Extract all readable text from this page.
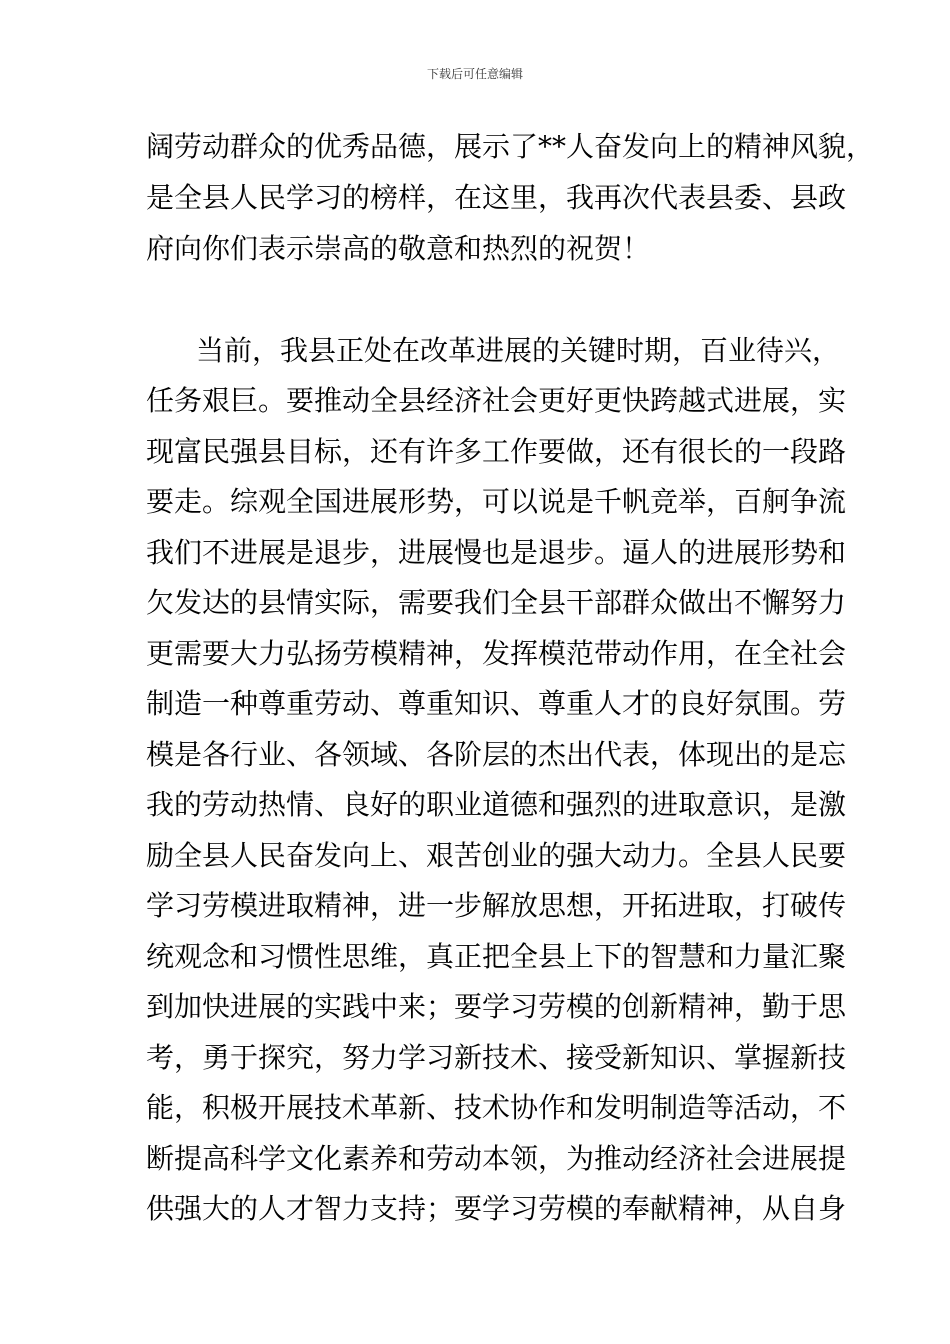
下载后可任意编辑
阔劳动群众的优秀品德，展示了**人奋发向上的精神风貌，
是全县人民学习的榜样，在这里，我再次代表县委、县政
府向你们表示崇高的敬意和热烈的祝贺！
当前，我县正处在改革进展的关键时期，百业待兴，
任务艰巨。要推动全县经济社会更好更快跨越式进展，实
现富民强县目标，还有许多工作要做，还有很长的一段路
要走。综观全国进展形势，可以说是千帆竞举，百舸争流
我们不进展是退步，进展慢也是退步。逼人的进展形势和
欠发达的县情实际，需要我们全县干部群众做出不懈努力
更需要大力弘扬劳模精神，发挥模范带动作用，在全社会
制造一种尊重劳动、尊重知识、尊重人才的良好氛围。劳
模是各行业、各领域、各阶层的杰出代表，体现出的是忘
我的劳动热情、良好的职业道德和强烈的进取意识，是激
励全县人民奋发向上、艰苦创业的强大动力。全县人民要
学习劳模进取精神，进一步解放思想，开拓进取，打破传
统观念和习惯性思维，真正把全县上下的智慧和力量汇聚
到加快进展的实践中来；要学习劳模的创新精神，勤于思
考，勇于探究，努力学习新技术、接受新知识、掌握新技
能，积极开展技术革新、技术协作和发明制造等活动，不
断提高科学文化素养和劳动本领，为推动经济社会进展提
供强大的人才智力支持；要学习劳模的奉献精神，从自身
